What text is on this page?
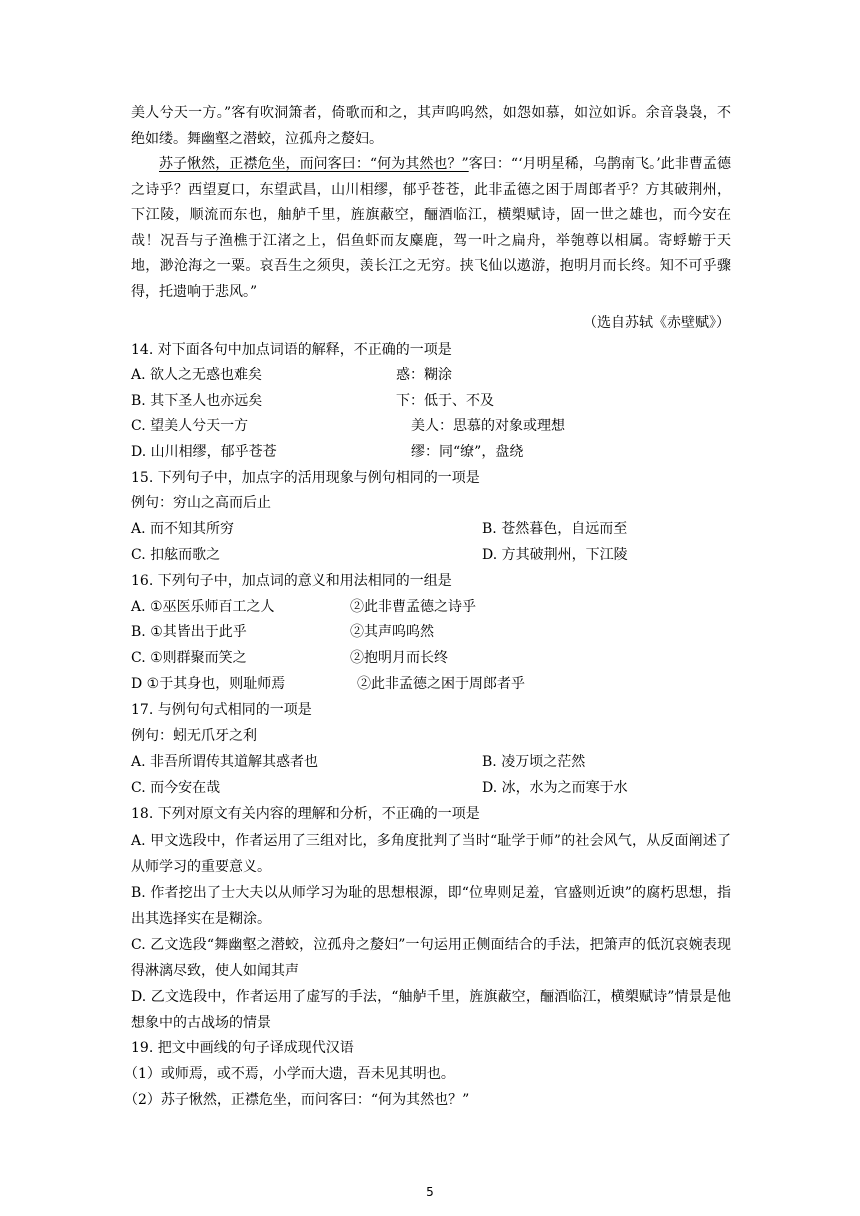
美人兮天一方。”客有吹洞箫者，倚歌而和之，其声呜呜然，如怨如慕，如泣如诉。余音袅袅，不绝如缕。舞幽壑之潜蛟，泣孤舟之嫠妇。

苏子愀然，正襟危坐，而问客曰：“何为其然也？”客曰：“‘月明星稀，乌鹊南飞。’此非曹孟德之诗乎？西望夏口，东望武昌，山川相缪，郁乎苍苍，此非孟德之困于周郎者乎？方其破荆州，下江陵，顺流而东也，舳舻千里，旌旗蔽空，酾酒临江，横槊赋诗，固一世之雄也，而今安在哉！况吾与子渔樵于江渚之上，侣鱼虾而友麋鹿，驾一叶之扁舟，举匏尊以相属。寄蜉蝣于天地，渺沧海之一粟。哀吾生之须臾，羡长江之无穷。挟飞仙以遨游，抱明月而长终。知不可乎骤得，托遗响于悲风。”

（选自苏轼《赤壁赋》）

14. 对下面各句中加点词语的解释，不正确的一项是

A. 欲人之无惑也难矣	惑：糊涂

B. 其下圣人也亦远矣	下：低于、不及

C. 望美人兮天一方	美人：思慕的对象或理想

D. 山川相缪，郁乎苍苍	缪：同“缭”，盘绕

15. 下列句子中，加点字的活用现象与例句相同的一项是

例句：穷山之高而后止

A. 而不知其所穷	B. 苍然暮色，自远而至

C. 扣舷而歌之	D. 方其破荆州，下江陵

16. 下列句子中，加点词的意义和用法相同的一组是

A. ①巫医乐师百工之人	②此非曹孟德之诗乎

B. ①其皆出于此乎	②其声呜呜然

C. ①则群聚而笑之	②抱明月而长终

D ①于其身也，则耻师焉	②此非孟德之困于周郎者乎

17. 与例句句式相同的一项是

例句：蚓无爪牙之利

A. 非吾所谓传其道解其惑者也	B. 凌万顷之茫然

C. 而今安在哉	D. 冰，水为之而寒于水

18. 下列对原文有关内容的理解和分析，不正确的一项是

A. 甲文选段中，作者运用了三组对比，多角度批判了当时“耻学于师”的社会风气，从反面阐述了从师学习的重要意义。

B. 作者挖出了士大夫以从师学习为耻的思想根源，即“位卑则足羞，官盛则近谀”的腐朽思想，指出其选择实在是糊涂。

C. 乙文选段“舞幽壑之潜蛟，泣孤舟之嫠妇”一句运用正侧面结合的手法，把箫声的低沉哀婉表现得淋漓尽致，使人如闻其声

D. 乙文选段中，作者运用了虚写的手法，“舳舻千里，旌旗蔽空，酾酒临江，横槊赋诗”情景是他想象中的古战场的情景

19. 把文中画线的句子译成现代汉语

（1）或师焉，或不焉，小学而大遗，吾未见其明也。

（2）苏子愀然，正襟危坐，而问客曰：“何为其然也？”

5
